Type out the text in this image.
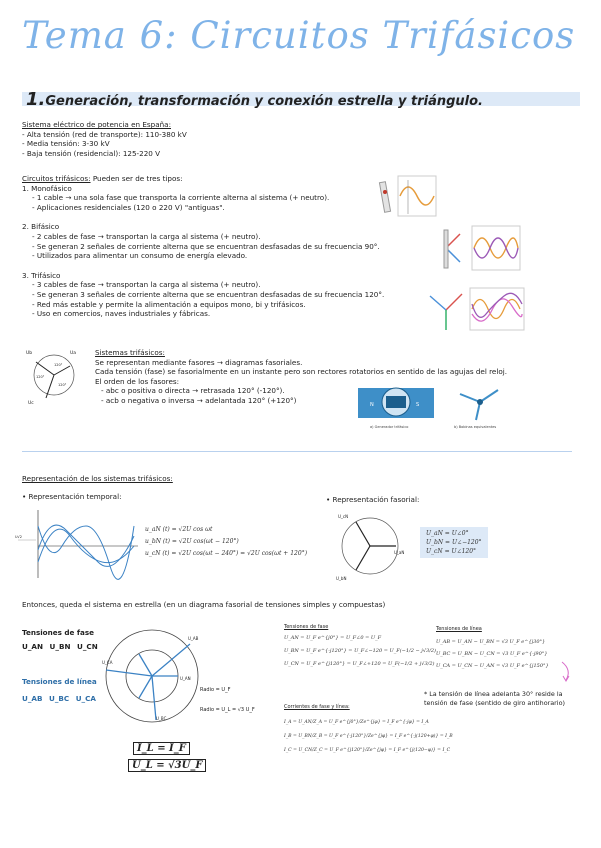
Tema 6: Circuitos Trifásicos
1.Generación, transformación y conexión estrella y triángulo.
Sistema eléctrico de potencia en España:
- Alta tensión (red de transporte): 110-380 kV
- Media tensión: 3-30 kV
- Baja tensión (residencial): 125-220 V
Circuitos trifásicos: Pueden ser de tres tipos:
1. Monofásico
- 1 cable → una sola fase que transporta la corriente alterna al sistema (+ neutro).
- Aplicaciones residenciales (120 o 220 V) "antiguas".
2. Bifásico
- 2 cables de fase → transportan la carga al sistema (+ neutro).
- Se generan 2 señales de corriente alterna que se encuentran desfasadas de su frecuencia 90°.
- Utilizados para alimentar un consumo de energía elevado.
3. Trifásico
- 3 cables de fase → transportan la carga al sistema (+ neutro).
- Se generan 3 señales de corriente alterna que se encuentran desfasadas de su frecuencia 120°.
- Red más estable y permite la alimentación a equipos mono, bi y trifásicos.
- Uso en comercios, naves industriales y fábricas.
Ua
Ub
Uc
120°
120°
120°
Sistemas trifásicos:
Se representan mediante fasores → diagramas fasoriales.
Cada tensión (fase) se fasorialmente en un instante pero son rectores rotatorios en sentido de las agujas del reloj.
El orden de los fasores:
- abc o positiva o directa → retrasada 120° (-120°).
- acb o negativa o inversa → adelantada 120° (+120°)
N	S
a) Generador trifásico	b) Bobinas equivalentes
Representación de los sistemas trifásicos:
• Representación temporal:	• Representación fasorial:
U√2
u_aN (t) = √2U cos ωt
u_bN (t) = √2U cos(ωt − 120°)
u_cN (t) = √2U cos(ωt − 240°) = √2U cos(ωt + 120°)	U_aN
U_cN
U_bN
U_aN = U∠0°
U_bN = U∠−120°
U_cN = U∠120°
Entonces, queda el sistema en estrella (en un diagrama fasorial de tensiones simples y compuestas)
Tensiones de fase
U_AN U_BN U_CN
Tensiones de línea
U_AB U_BC U_CA
U_AN
U_AB
U_CA
U_BC
Radio = U_F
Radio = U_L = √3 U_F
I_L = I_F
U_L = √3U_F
Tensiones de fase
U_AN = U_F e^{j0°} = U_F∠0 = U_F
U_BN = U_F e^{-j120°} = U_F∠−120 = U_F(−1/2 − j√3/2)
U_CN = U_F e^{j120°} = U_F∠+120 = U_F(−1/2 + j√3/2)
Tensiones de línea
U_AB = U_AN − U_BN = √3 U_F e^{j30°}
U_BC = U_BN − U_CN = √3 U_F e^{-j90°}
U_CA = U_CN − U_AN = √3 U_F e^{j150°}
* La tensión de línea adelanta 30° reside la tensión de fase (sentido de giro antihorario)
Corrientes de fase y línea:
I_A = U_AN/Z_A = U_F e^{j0°}/Ze^{jφ} = I_F e^{-jφ} = I_A
I_B = U_BN/Z_B = U_F e^{-j120°}/Ze^{jφ} = I_F e^{-j(120+φ)} = I_B
I_C = U_CN/Z_C = U_F e^{j120°}/Ze^{jφ} = I_F e^{j(120−φ)} = I_C
